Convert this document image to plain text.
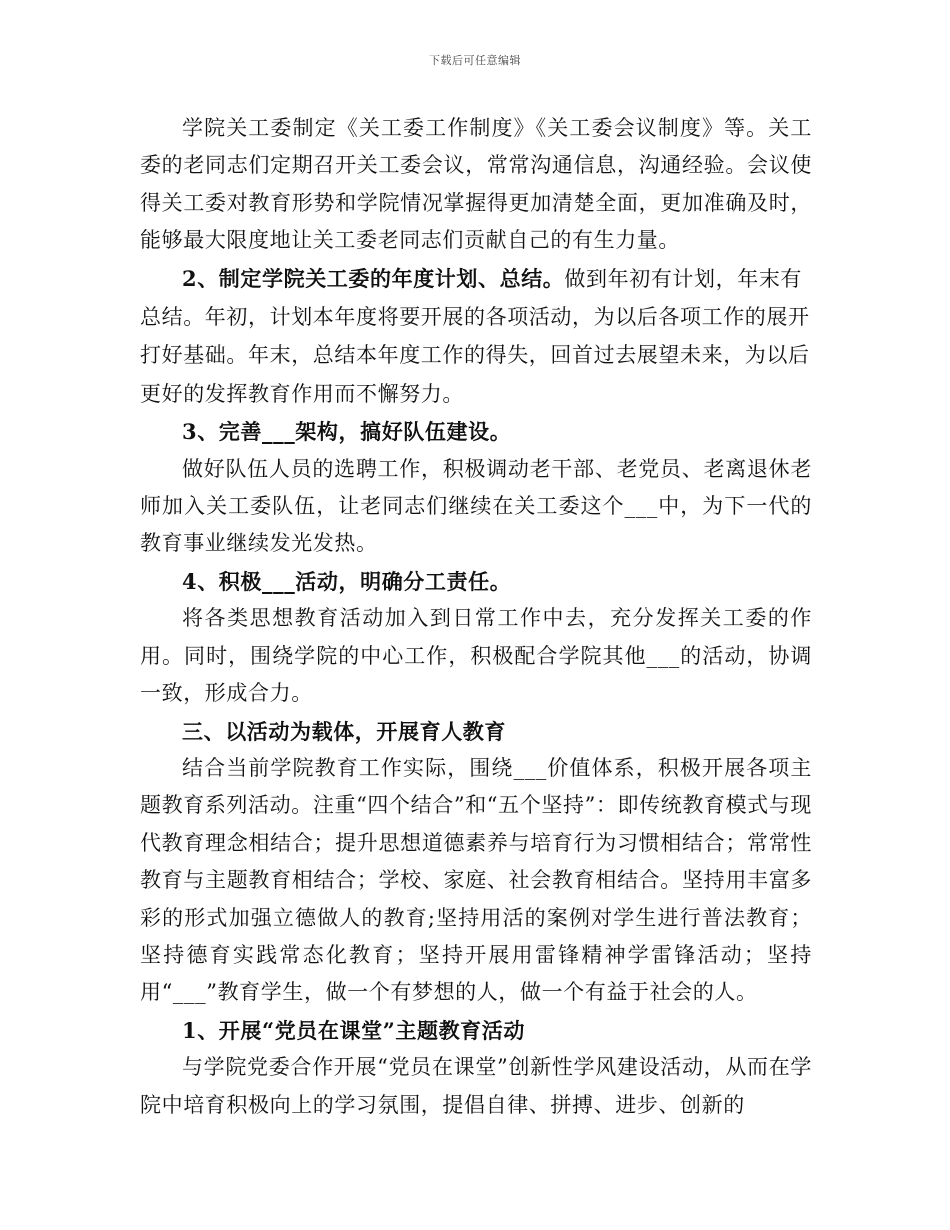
下载后可任意编辑

学院关工委制定《关工委工作制度》《关工委会议制度》等。关工委的老同志们定期召开关工委会议，常常沟通信息，沟通经验。会议使得关工委对教育形势和学院情况掌握得更加清楚全面，更加准确及时，能够最大限度地让关工委老同志们贡献自己的有生力量。

2、制定学院关工委的年度计划、总结。做到年初有计划，年末有总结。年初，计划本年度将要开展的各项活动，为以后各项工作的展开打好基础。年末，总结本年度工作的得失，回首过去展望未来，为以后更好的发挥教育作用而不懈努力。

3、完善___架构，搞好队伍建设。

做好队伍人员的选聘工作，积极调动老干部、老党员、老离退休老师加入关工委队伍，让老同志们继续在关工委这个___中，为下一代的教育事业继续发光发热。

4、积极___活动，明确分工责任。

将各类思想教育活动加入到日常工作中去，充分发挥关工委的作用。同时，围绕学院的中心工作，积极配合学院其他___的活动，协调一致，形成合力。

三、以活动为载体，开展育人教育

结合当前学院教育工作实际，围绕___价值体系，积极开展各项主题教育系列活动。注重“四个结合”和“五个坚持”：即传统教育模式与现代教育理念相结合；提升思想道德素养与培育行为习惯相结合；常常性教育与主题教育相结合；学校、家庭、社会教育相结合。坚持用丰富多彩的形式加强立德做人的教育;坚持用活的案例对学生进行普法教育；坚持德育实践常态化教育；坚持开展用雷锋精神学雷锋活动；坚持用“___”教育学生，做一个有梦想的人，做一个有益于社会的人。

1、开展“党员在课堂”主题教育活动

与学院党委合作开展“党员在课堂”创新性学风建设活动，从而在学院中培育积极向上的学习氛围，提倡自律、拼搏、进步、创新的
